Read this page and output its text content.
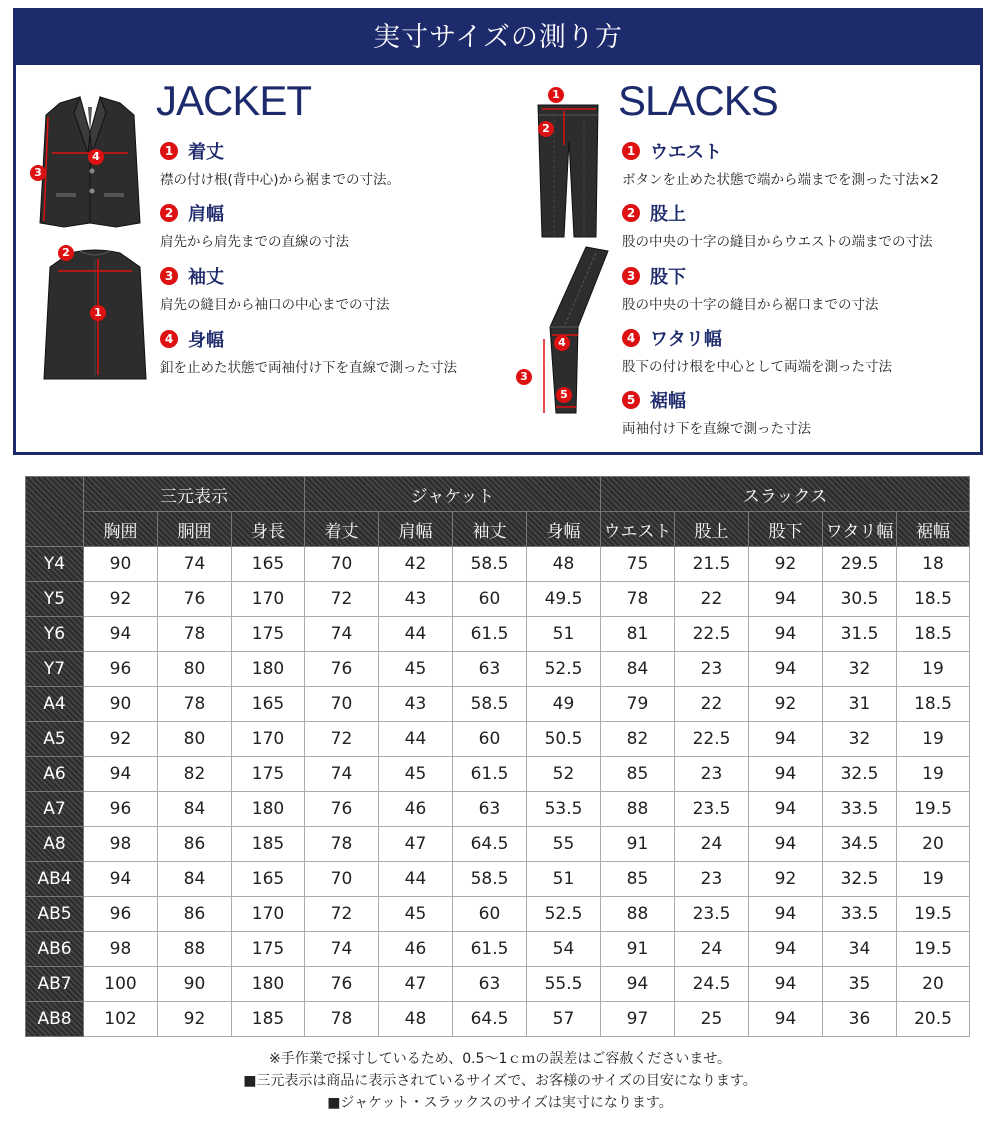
実寸サイズの測り方
3
4
2
1
JACKET
1 着丈
襟の付け根(背中心)から裾までの寸法。
2 肩幅
肩先から肩先までの直線の寸法
3 袖丈
肩先の縫目から袖口の中心までの寸法
4 身幅
釦を止めた状態で両袖付け下を直線で測った寸法
1
2
3
4
5
SLACKS
1 ウエスト
ボタンを止めた状態で端から端までを測った寸法×2
2 股上
股の中央の十字の縫目からウエストの端までの寸法
3 股下
股の中央の十字の縫目から裾口までの寸法
4 ワタリ幅
股下の付け根を中心として両端を測った寸法
5 裾幅
両袖付け下を直線で測った寸法
	三元表示			ジャケット				スラックス				
	胸囲	胴囲	身長	着丈	肩幅	袖丈	身幅	ウエスト	股上	股下	ワタリ幅	裾幅
Y4	90	74	165	70	42	58.5	48	75	21.5	92	29.5	18
Y5	92	76	170	72	43	60	49.5	78	22	94	30.5	18.5
Y6	94	78	175	74	44	61.5	51	81	22.5	94	31.5	18.5
Y7	96	80	180	76	45	63	52.5	84	23	94	32	19
A4	90	78	165	70	43	58.5	49	79	22	92	31	18.5
A5	92	80	170	72	44	60	50.5	82	22.5	94	32	19
A6	94	82	175	74	45	61.5	52	85	23	94	32.5	19
A7	96	84	180	76	46	63	53.5	88	23.5	94	33.5	19.5
A8	98	86	185	78	47	64.5	55	91	24	94	34.5	20
AB4	94	84	165	70	44	58.5	51	85	23	92	32.5	19
AB5	96	86	170	72	45	60	52.5	88	23.5	94	33.5	19.5
AB6	98	88	175	74	46	61.5	54	91	24	94	34	19.5
AB7	100	90	180	76	47	63	55.5	94	24.5	94	35	20
AB8	102	92	185	78	48	64.5	57	97	25	94	36	20.5
※手作業で採寸しているため、0.5～1ｃｍの誤差はご容赦くださいませ。
■三元表示は商品に表示されているサイズで、お客様のサイズの目安になります。
■ジャケット・スラックスのサイズは実寸になります。
